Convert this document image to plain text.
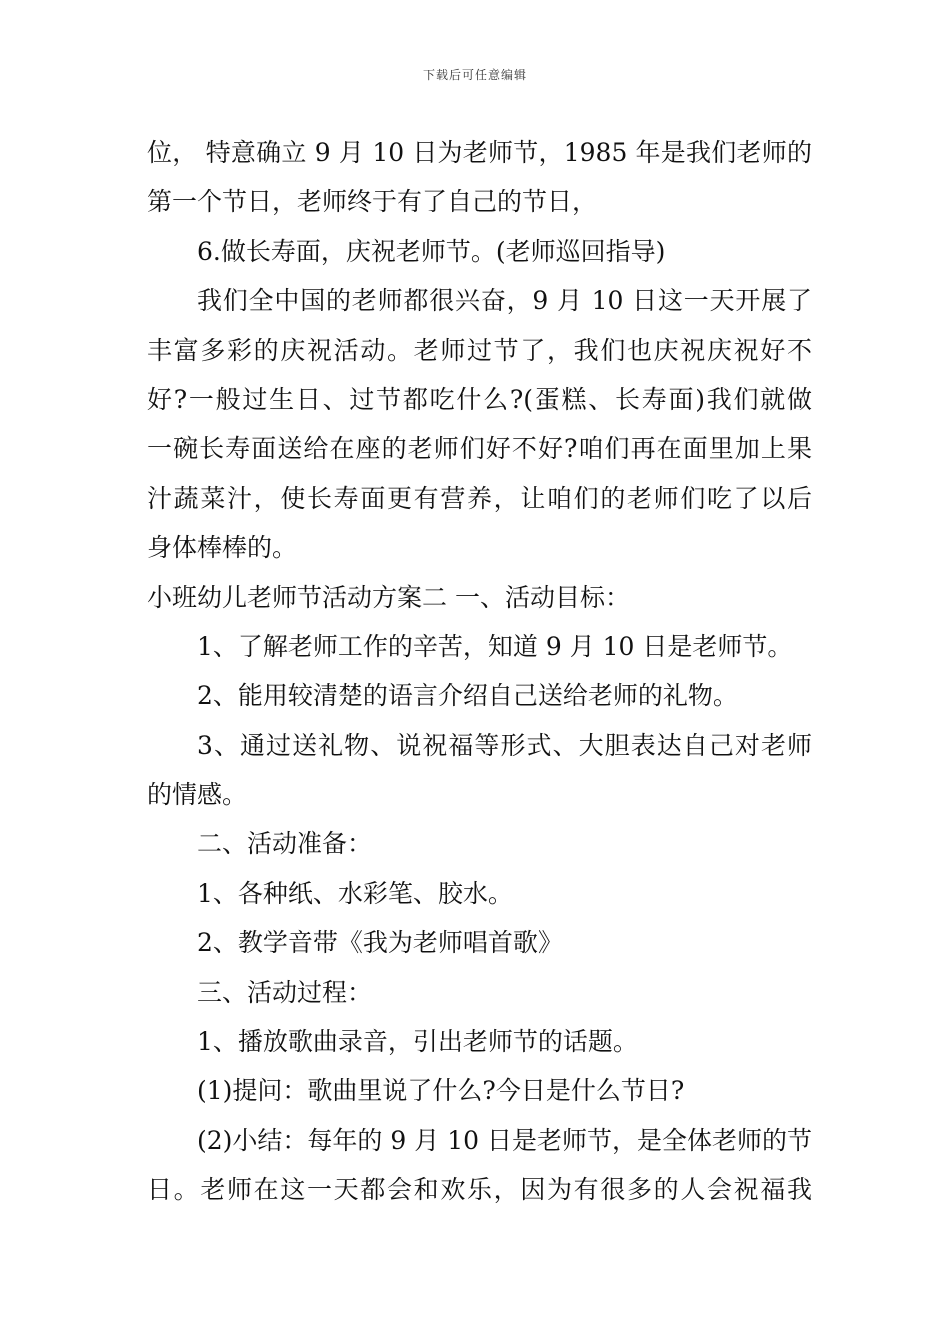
下载后可任意编辑
位， 特意确立 9 月 10 日为老师节，1985 年是我们老师的
第一个节日，老师终于有了自己的节日，
6.做长寿面，庆祝老师节。(老师巡回指导)
我们全中国的老师都很兴奋，9 月 10 日这一天开展了
丰富多彩的庆祝活动。老师过节了，我们也庆祝庆祝好不
好?一般过生日、过节都吃什么?(蛋糕、长寿面)我们就做
一碗长寿面送给在座的老师们好不好?咱们再在面里加上果
汁蔬菜汁，使长寿面更有营养，让咱们的老师们吃了以后
身体棒棒的。
小班幼儿老师节活动方案二 一、活动目标：
1、了解老师工作的辛苦，知道 9 月 10 日是老师节。
2、能用较清楚的语言介绍自己送给老师的礼物。
3、通过送礼物、说祝福等形式、大胆表达自己对老师
的情感。
二、活动准备：
1、各种纸、水彩笔、胶水。
2、教学音带《我为老师唱首歌》
三、活动过程：
1、播放歌曲录音，引出老师节的话题。
(1)提问：歌曲里说了什么?今日是什么节日?
(2)小结：每年的 9 月 10 日是老师节，是全体老师的节
日。老师在这一天都会和欢乐，因为有很多的人会祝福我
